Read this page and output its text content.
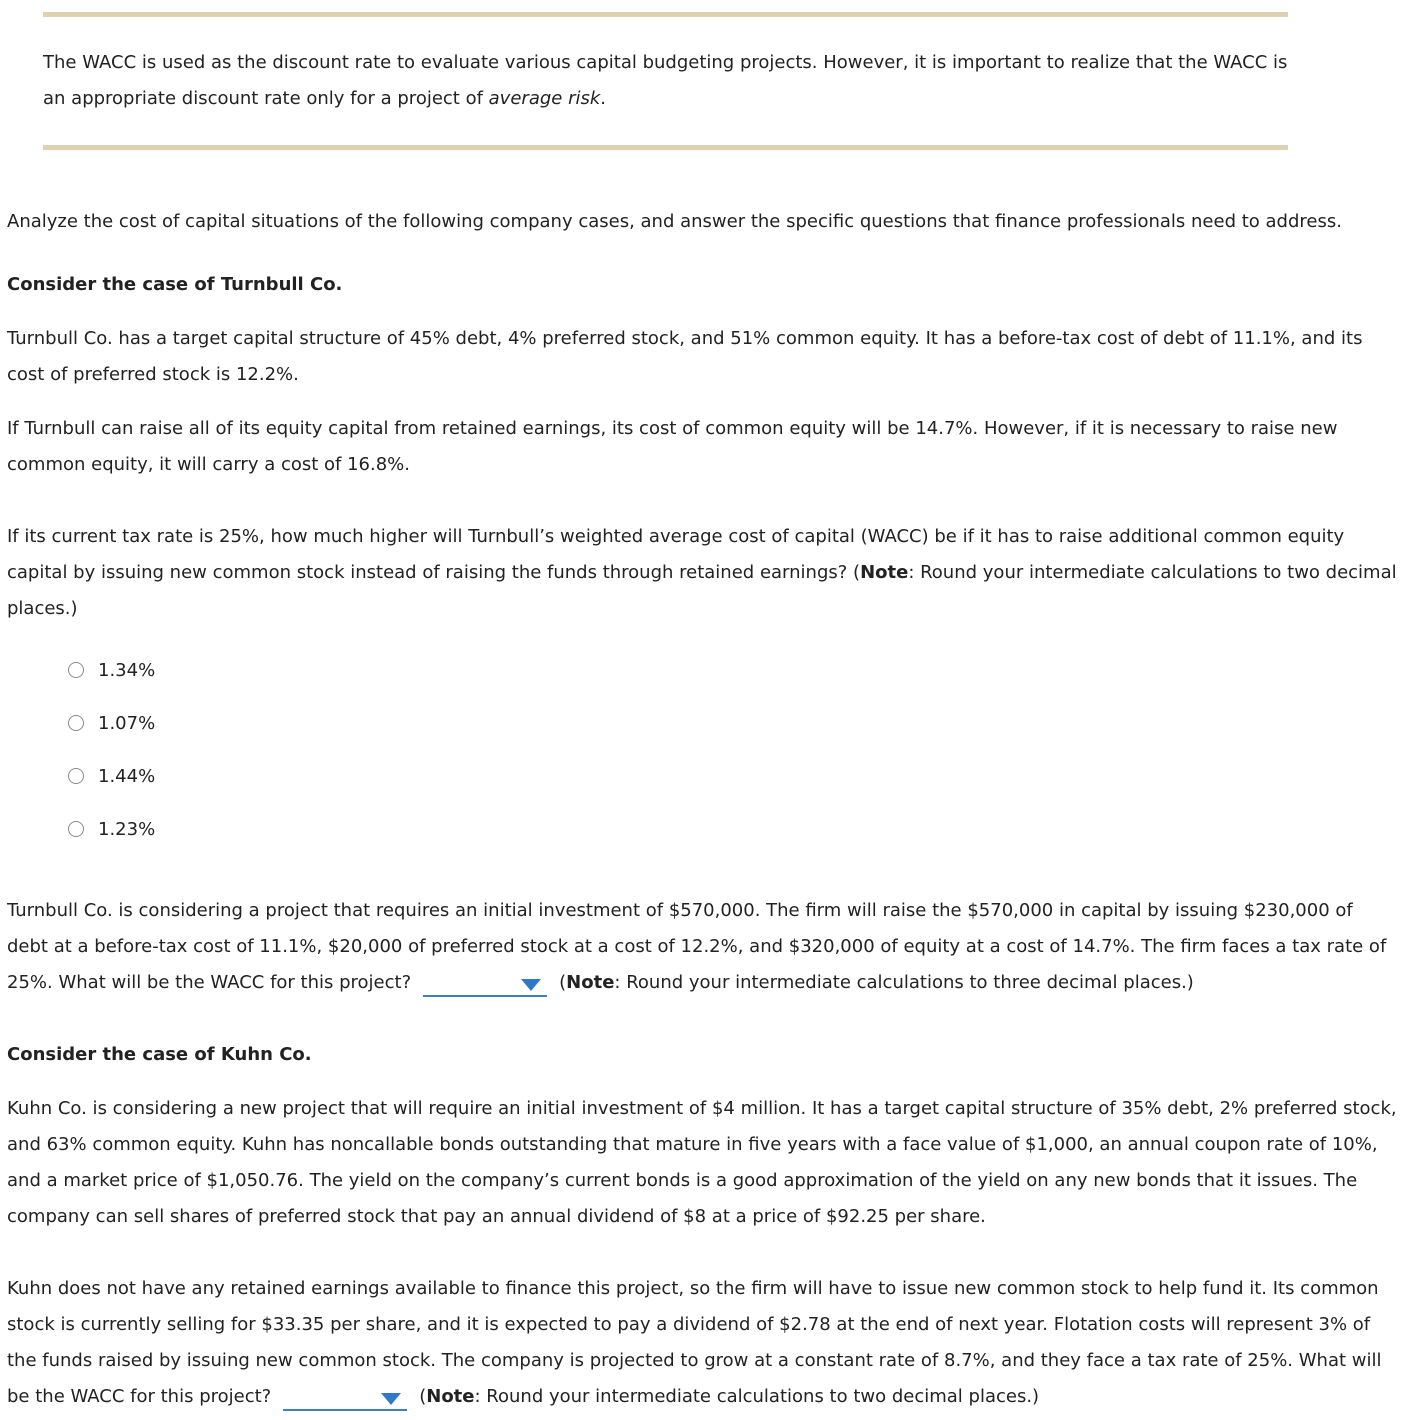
The WACC is used as the discount rate to evaluate various capital budgeting projects. However, it is important to realize that the WACC is an appropriate discount rate only for a project of average risk.

Analyze the cost of capital situations of the following company cases, and answer the specific questions that finance professionals need to address.

Consider the case of Turnbull Co.

Turnbull Co. has a target capital structure of 45% debt, 4% preferred stock, and 51% common equity. It has a before-tax cost of debt of 11.1%, and its cost of preferred stock is 12.2%.

If Turnbull can raise all of its equity capital from retained earnings, its cost of common equity will be 14.7%. However, if it is necessary to raise new common equity, it will carry a cost of 16.8%.

If its current tax rate is 25%, how much higher will Turnbull’s weighted average cost of capital (WACC) be if it has to raise additional common equity capital by issuing new common stock instead of raising the funds through retained earnings? (Note: Round your intermediate calculations to two decimal places.)

1.34%
1.07%
1.44%
1.23%

Turnbull Co. is considering a project that requires an initial investment of $570,000. The firm will raise the $570,000 in capital by issuing $230,000 of debt at a before-tax cost of 11.1%, $20,000 of preferred stock at a cost of 12.2%, and $320,000 of equity at a cost of 14.7%. The firm faces a tax rate of 25%. What will be the WACC for this project?	(Note: Round your intermediate calculations to three decimal places.)

Consider the case of Kuhn Co.

Kuhn Co. is considering a new project that will require an initial investment of $4 million. It has a target capital structure of 35% debt, 2% preferred stock, and 63% common equity. Kuhn has noncallable bonds outstanding that mature in five years with a face value of $1,000, an annual coupon rate of 10%, and a market price of $1,050.76. The yield on the company’s current bonds is a good approximation of the yield on any new bonds that it issues. The company can sell shares of preferred stock that pay an annual dividend of $8 at a price of $92.25 per share.

Kuhn does not have any retained earnings available to finance this project, so the firm will have to issue new common stock to help fund it. Its common stock is currently selling for $33.35 per share, and it is expected to pay a dividend of $2.78 at the end of next year. Flotation costs will represent 3% of the funds raised by issuing new common stock. The company is projected to grow at a constant rate of 8.7%, and they face a tax rate of 25%. What will be the WACC for this project?	(Note: Round your intermediate calculations to two decimal places.)
